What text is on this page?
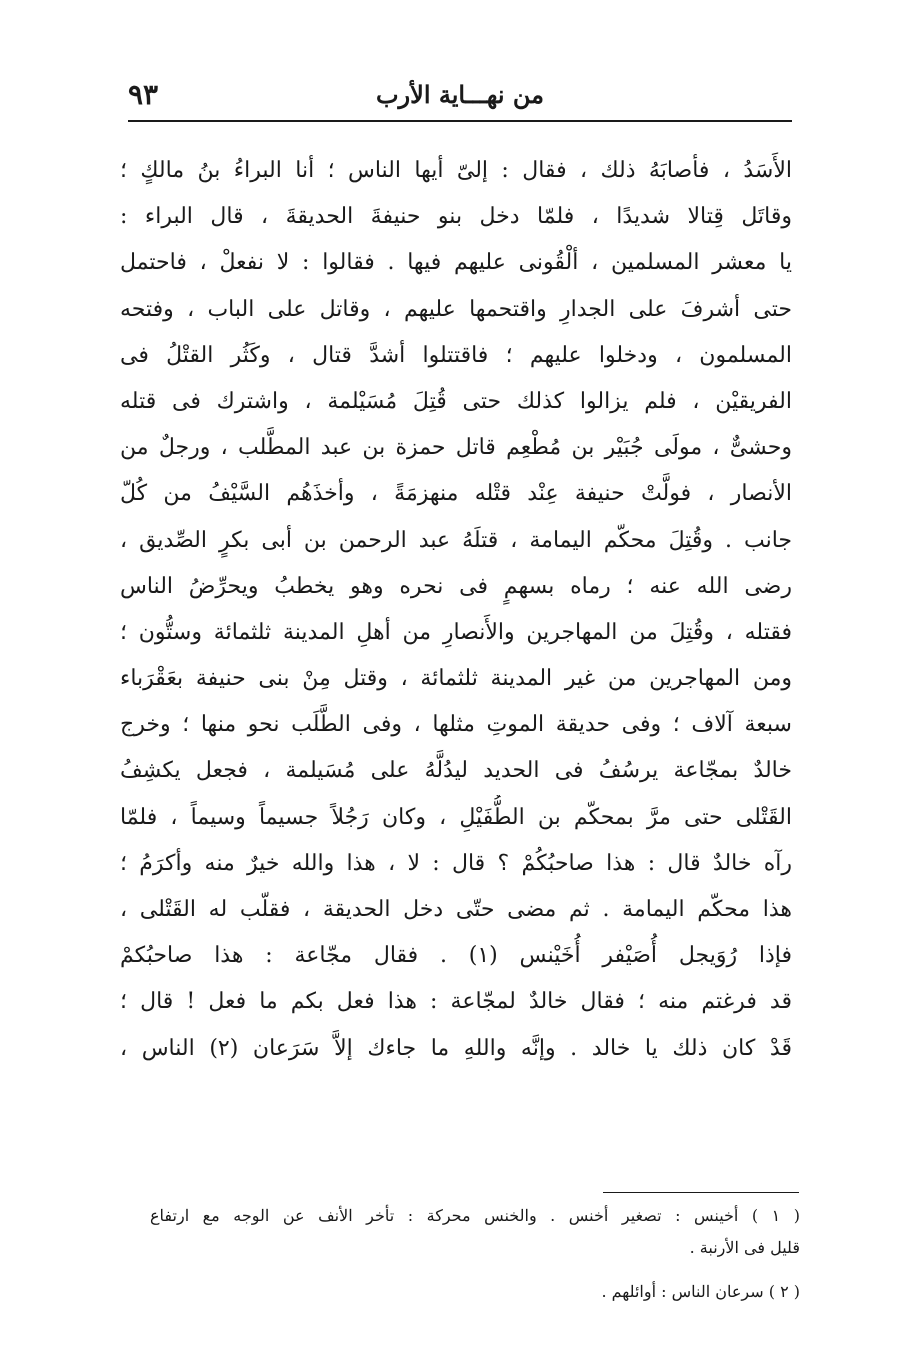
٩٣	من نهـــاية الأرب
الأَسَدُ ، فأصابَهُ ذلك ، فقال : إلىّ أيها الناس ؛ أنا البراءُ بنُ مالكٍ ؛
وقاتَل قِتالا شديدًا ، فلمّا دخل بنو حنيفةَ الحديقةَ ، قال البراء :
يا معشر المسلمين ، ألْقُونى عليهم فيها . فقالوا : لا نفعلْ ، فاحتمل
حتى أشرفَ على الجدارِ واقتحمها عليهم ، وقاتل على الباب ، وفتحه
المسلمون ، ودخلوا عليهم ؛ فاقتتلوا أشدَّ قتال ، وكَثُر القتْلُ فى
الفريقيْن ، فلم يزالوا كذلك حتى قُتِلَ مُسَيْلمة ، واشترك فى قتله
وحشىٌّ ، مولَى جُبَيْر بن مُطْعِم قاتل حمزة بن عبد المطَّلب ، ورجلٌ من
الأنصار ، فولَّتْ حنيفة عِنْد قتْله منهزمَةً ، وأخذَهُم السَّيْفُ من كُلّ
جانب . وقُتِلَ محكّم اليمامة ، قتلَهُ عبد الرحمن بن أبى بكرٍ الصِّديق ،
رضى الله عنه ؛ رماه بسهمٍ فى نحره وهو يخطبُ ويحرِّضُ الناس
فقتله ، وقُتِلَ من المهاجرين والأَنصارِ من أهلِ المدينة ثلثمائة وستُّون ؛
ومن المهاجرين من غير المدينة ثلثمائة ، وقتل مِنْ بنى حنيفة بعَقْرَباء
سبعة آلاف ؛ وفى حديقة الموتِ مثلها ، وفى الطَّلَب نحو منها ؛ وخرج
خالدٌ بمجّاعة يرسُفُ فى الحديد ليدُلَّهُ على مُسَيلمة ، فجعل يكشِفُ
القَتْلى حتى مرَّ بمحكّم بن الطُّفَيْلِ ، وكان رَجُلاً جسيماً وسيماً ، فلمّا
رآه خالدٌ قال : هذا صاحبُكُمْ ؟ قال : لا ، هذا والله خيرٌ منه وأكرَمُ ؛
هذا محكّم اليمامة . ثم مضى حتّى دخل الحديقة ، فقلّب له القَتْلى ،
فإذا رُوَيجل أُصَيْفر أُخَيْنس (١) . فقال مجّاعة : هذا صاحبُكمْ
قد فرغتم منه ؛ فقال خالدٌ لمجّاعة : هذا فعل بكم ما فعل ! قال ؛
قَدْ كان ذلك يا خالد . وإنَّه واللهِ ما جاءك إلاَّ سَرَعان (٢) الناس ،
( ١ ) أخينس : تصغير أخنس . والخنس محركة : تأخر الأنف عن الوجه مع ارتفاع
قليل فى الأرنبة .
( ٢ ) سرعان الناس : أوائلهم .
